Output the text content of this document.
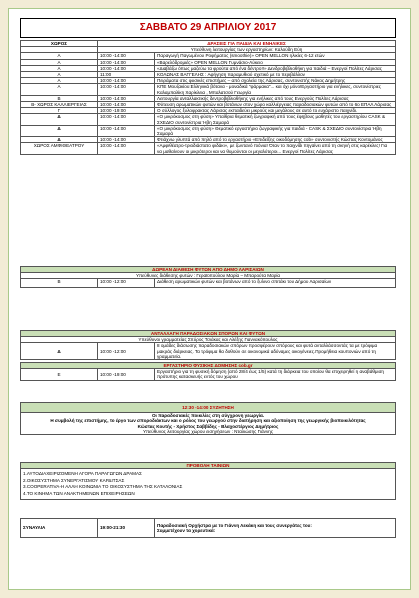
ΣΑΒΒΑΤΟ 29 ΑΠΡΙΛΙΟΥ 2017
ΧΩΡΟΣ	ΔΡΑΣΕΙΣ ΓΙΑ ΠΑΙΔΙΑ ΚΑΙ ΕΝΗΛΙΚΕΣ	
	Υπεύθυνη λειτουργίας των εργαστηρίων: Καλούδη Εύη	
Α	10:00 -14:00	Παραγωγή Παγωμένου Ροφήματος (smoothie)» OPEN MELLON ηλικίες 6-12 ετών
Α	10:00 -14:00	«Βαρελόδρομιές» OPEN MELLON Γυμνάσιο-Λύκειο
Α	10:00 -14:00	«Διαβάζω όπως μαζεύω τα φρούτα από ένα δέντρο!!» Δενδροβιβλιοθήκη για παιδιά – Ενεργοί Πολίτες Λάρισας
Α	11:00	ΚΟΛΩΝΑΣ ΒΑΓΓΕΛΗΣ : Αφήγηση παραμυθιού σχετικό με το περιβάλλον
Α	10:00 -14:00	Πειράματα στις φυσικές επιστήμες – από σχολεία της Λάρισας, συντονιστής Νάκος Δημήτρης
Α	10:00 -14:00	ΚΠΕ Μουζακίου:Ελληνικά βότανα - μοναδικά "φάρμακα"... και όχι μόνο!Εργαστήριο για ενήλικες, συντονίστριες Καλαμπαλίκη Χαρίκλεια , Μπαλατσού Γεωργία
Β	10:00 -14:00	Λειτουργία ανταλλακτικής δεντροβιβλιοθήκης για ενήλικες από τους Ενεργούς Πολίτες Λάρισας
Β- ΧΩΡΟΣ ΚΑΛΛΙΕΡΓΕΙΑΣ	10:00 -14:00	Φύτευση αρωματικών φυτών και βοτάνων στον χώρο καλλιέργειας παραδοσιακών φυτών από το 6ο ΕΠΑΛ Λάρισας
Γ	10:00 -19:00	Ο σύλλογος ξυλοφρακτας Λάρισας εκπαιδεύει μικρούς και μεγάλους σε αυτό το ευχάριστο παιχνίδι.
Δ	10:00 -14:00	«Ο μικρόκοσμος στη φύση» Υπαίθρια θεματική ζωγραφική από τους έφηβους μαθητές του εργαστηρίου CASK & ΣΧΕΔΙΟ συντονίστρια Ήβη Σαμαρά
Δ	10:00 -14:00	«Ο μικρόκοσμος στη φύση» Θεματικό εργαστήριο ζωγραφικής για παιδιά - CASK & ΣΧΕΔΙΟ συντονίστρια Ήβη Σαμαρά
Δ	10:00 -14:00	Φτιάχνω γλυπτά από πηλό από το εργαστήριο «Επιδείξης οικοδόμησης cob» συντονιστής Κώστας Κοντομάνος
ΧΩΡΟΣ ΑΜΦΙΘΕΑΤΡΟΥ	10:00 -14:00	«Αμφιθέατρο-τριοδιάστατο φιδάκι», με ζωντανό πιόνια! Όταν το παιχνίδι πηγαίνει από τη σκηνή στις καρέκλες! Για να μαθαίνουν οι μικρότεροι και να θυμούνται οι μεγαλύτεροι... Ενεργοί Πολίτες Λάρισας
ΔΩΡΕΑΝ ΔΙΑΘΕΣΗ ΦΥΤΩΝ ΑΠΟ ΔΗΜΟ ΛΑΡΙΣΑΙΩΝ
Υπεύθυνες διάθεσης φυτών : Γεραϊοπούλου Μαρία – Μπαρούτα Μαρία
Β	10:00 -12:00	Διάθεση αρωματικών φυτών και βοτάνων από το ξυλινο σπιτάκι του Δήμου Λαρισαίων
ΑΝΤΑΛΛΑΓΗ ΠΑΡΑΔΟΣΙΑΚΩΝ ΣΠΟΡΩΝ ΚΑΙ ΦΥΤΩΝ
Υπεύθυνοι γραμματείας Σπύρος Τσιάκας και Αλέξης Γιαννακόπουλος
Δ	10:00 -12:00	8 ομάδες διάσωσης παραδοσιακών σπόρων προσφέρουν σπόρους και φυτά ανταλλάσσοντάς τα με τρόφιμα μακράς διάρκειας. Τα τρόφιμα θα δοθούν σε οικονομικά αδύναμες οικογένειες.Προμήθεια κουπονιών από τη γραμματεία.
ΕΡΓΑΣΤΗΡΙΟ ΦΥΣΙΚΗΣ ΔΟΜΗΣΗΣ cob.gr
Ε	10:00 -19:00	Εργαστήριο για τη φυσική δόμηση (από 28/4 έως 1/5) κατά τη διάρκεια του οποίου θα επιχειρηθεί η αναβάθμιση πρότυπης κατασκευής εντός του χώρου
12:30 -14:00 ΣΥΖΗΤΗΣΗ
Οι παραδοσιακές ποικιλίες στη σύγχρονη γεωργία.
Η συμβολή της επιστήμης, το έργο των σποροδιάκτων και ο ρόλος του γεωργού στην διατήρηση και αξιοποίηση της γεωργικής βιοποικιλότητας
Κώστας Κουτής - Χρήστος Σαββίδης - Βλαχοστέργιος Δημήτριος
Υπεύθυνος λειτουργίας χώρου εισηγήσεων : Νταλιώσης Γιάννης
ΠΡΟΒΟΛΗ ΤΑΙΝΙΩΝ

1.ΑΥΤΟΔΙΑΧΕΙΡΙΖΟΜΕΝΗ ΑΓΟΡΑ ΠΑΡΑΓΩΓΩΝ ΔΡΑΜΑΣ
2.ΟΙΚΟΣΥΣΤΗΜΑ ΣΥΝΕΡΓΑΤΙΣΜΟΥ ΚΑΡΔΙΤΣΑΣ
3.COOPERATIVA-Η ΑΛΛΗ ΚΟΙΝΩΝΙΑ ΤΟ ΟΙΚΟΣΥΣΤΗΜΑ ΤΗΣ ΚΑΤΑΛΟΝΙΑΣ
4.ΤΟ ΚΙΝΗΜΑ ΤΩΝ ΑΝΑΚΤΗΜΕΝΩΝ ΕΠΙΧΕΙΡΗΣΕΩΝ
ΣΥΝΑΥΛΙΑ	19:00-21:30	
Παραδοσιακή Ορχήστρα με το Γιάννη Λεκάκη και τους συνεργάτες του:
Συμμετέχουν τα χορευτικά:
